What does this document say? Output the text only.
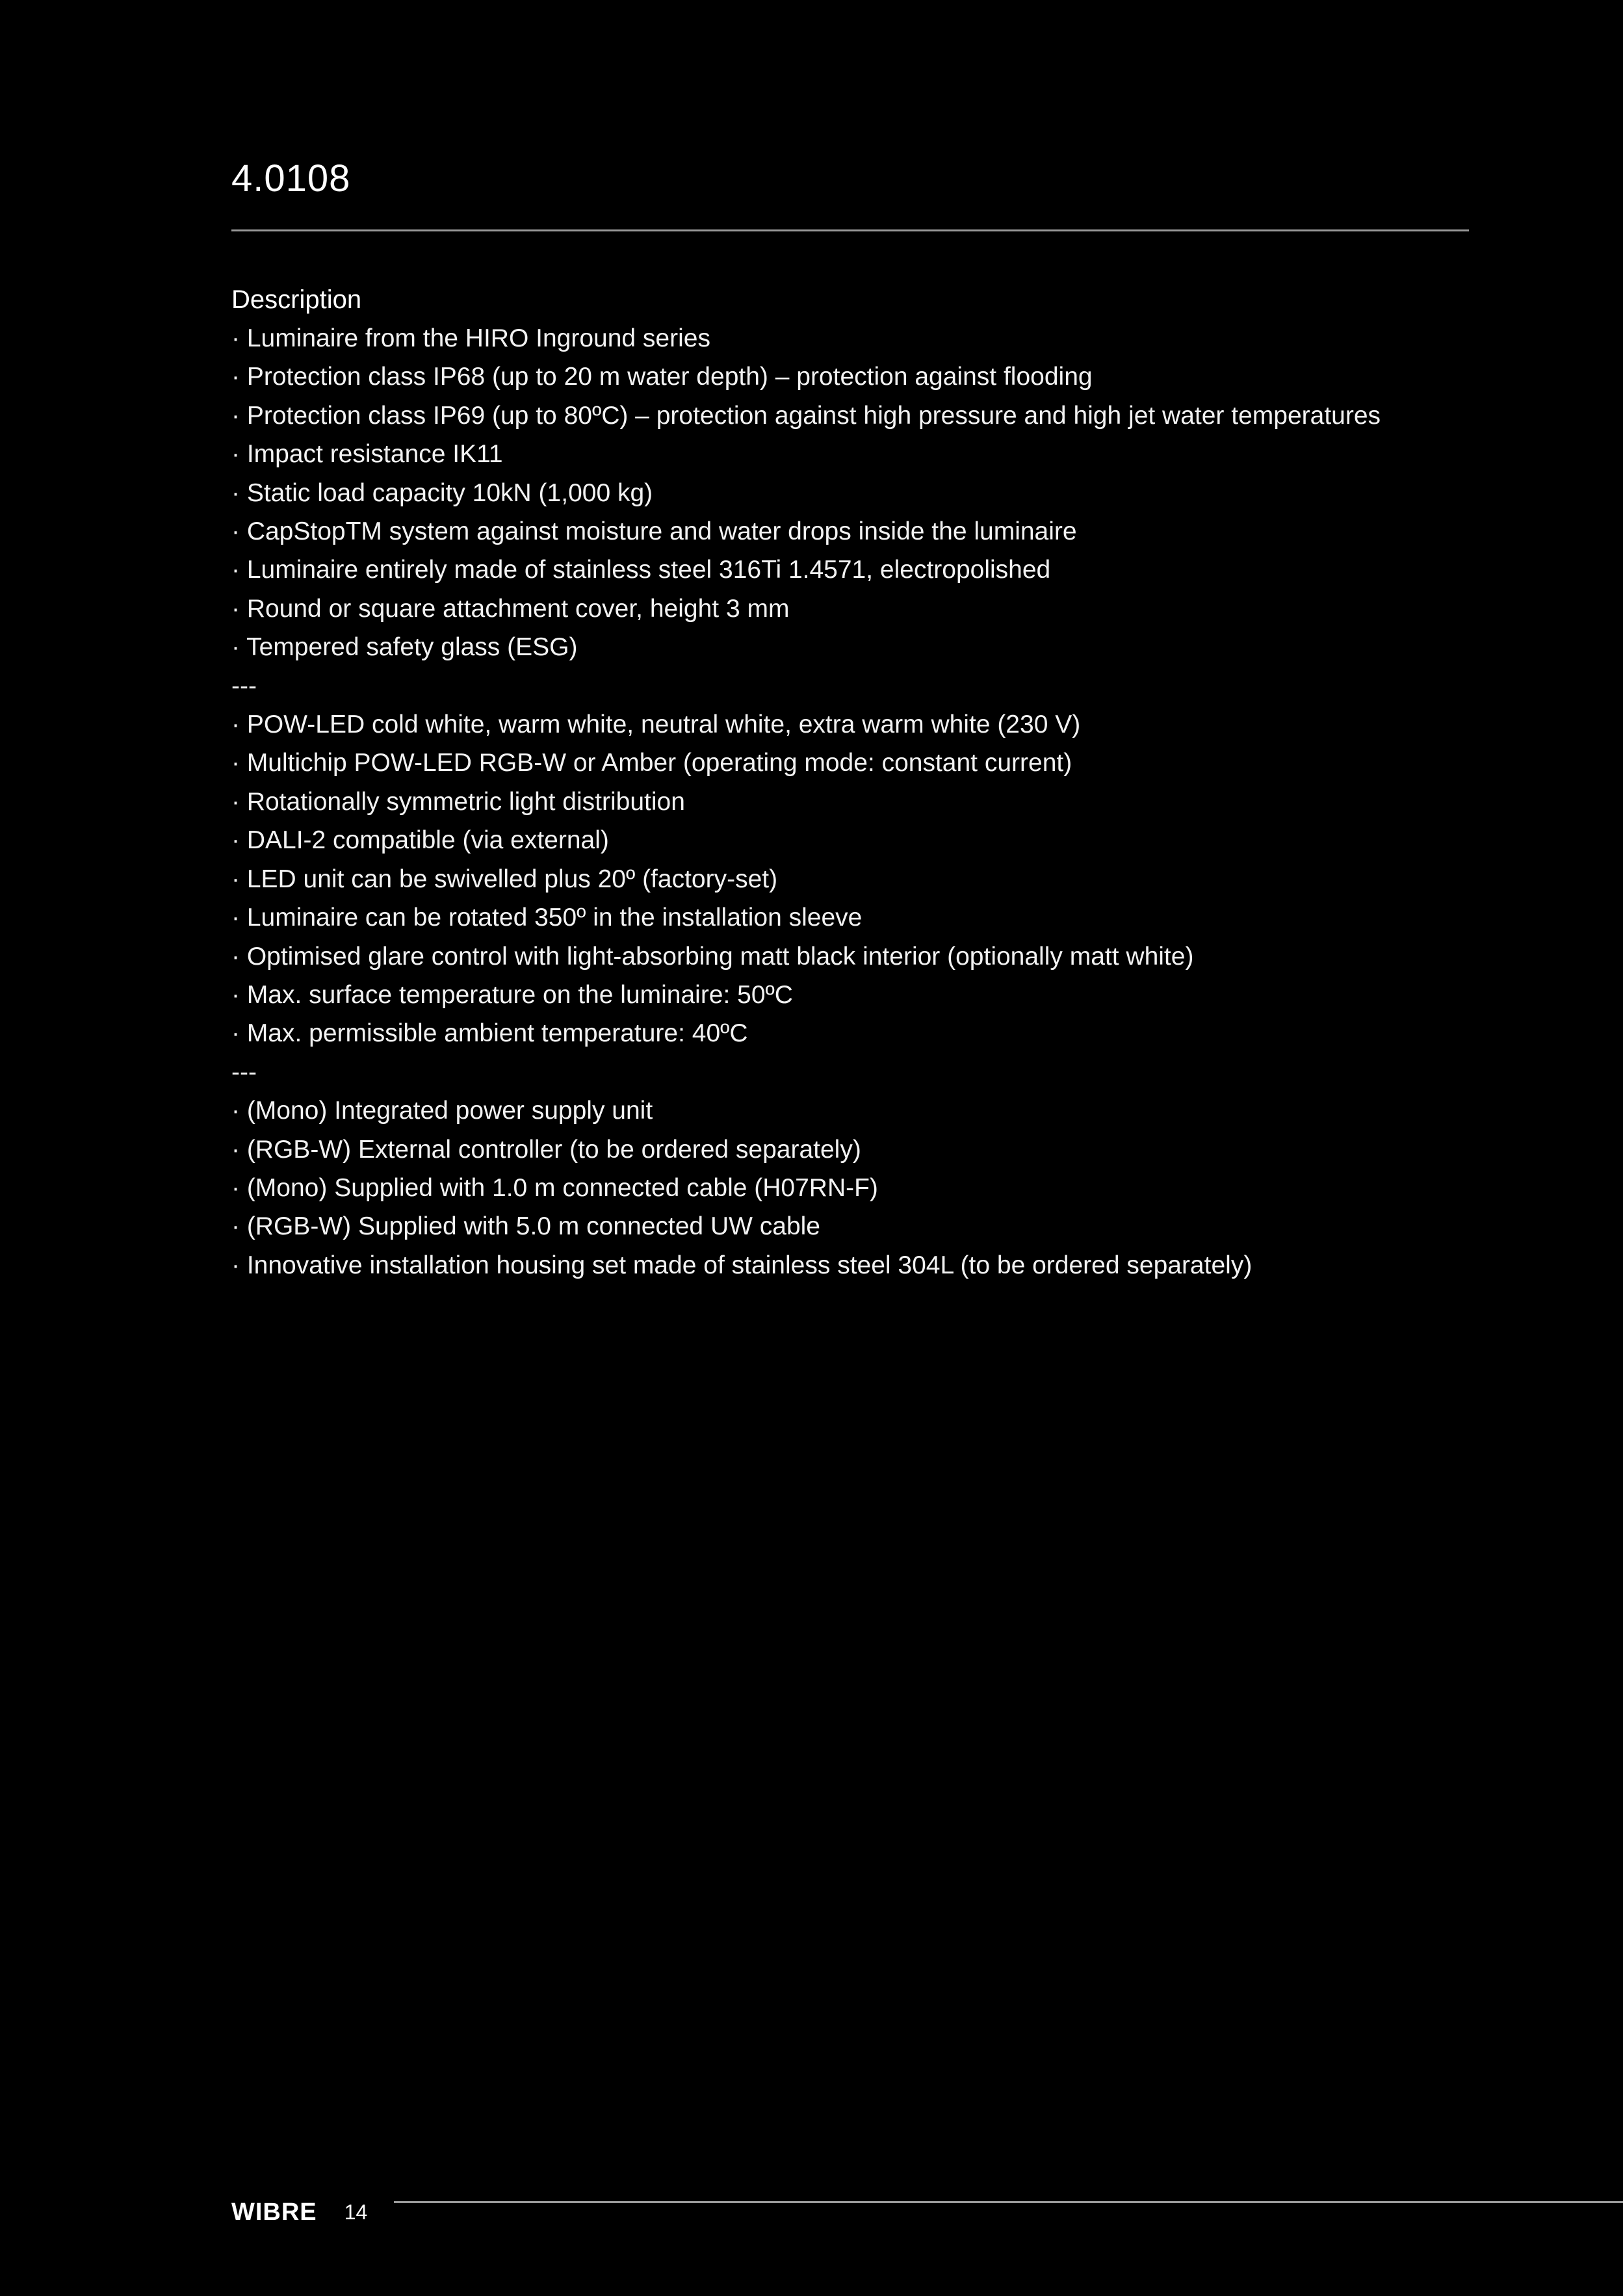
4.0108
Description
· Luminaire from the HIRO Inground series
· Protection class IP68 (up to 20 m water depth) – protection against flooding
· Protection class IP69 (up to 80ºC) – protection against high pressure and high jet water temperatures
· Impact resistance IK11
· Static load capacity 10kN (1,000 kg)
· CapStopTM system against moisture and water drops inside the luminaire
· Luminaire entirely made of stainless steel 316Ti 1.4571, electropolished
· Round or square attachment cover, height 3 mm
· Tempered safety glass (ESG)
---
· POW-LED cold white, warm white, neutral white, extra warm white (230 V)
· Multichip POW-LED RGB-W or Amber (operating mode: constant current)
· Rotationally symmetric light distribution
· DALI-2 compatible (via external)
· LED unit can be swivelled plus 20º (factory-set)
· Luminaire can be rotated 350º in the installation sleeve
· Optimised glare control with light-absorbing matt black interior (optionally matt white)
· Max. surface temperature on the luminaire: 50ºC
· Max. permissible ambient temperature: 40ºC
---
· (Mono) Integrated power supply unit
· (RGB-W) External controller (to be ordered separately)
· (Mono) Supplied with 1.0 m connected cable (H07RN-F)
· (RGB-W) Supplied with 5.0 m connected UW cable
· Innovative installation housing set made of stainless steel 304L (to be ordered separately)
WIBRE 14
